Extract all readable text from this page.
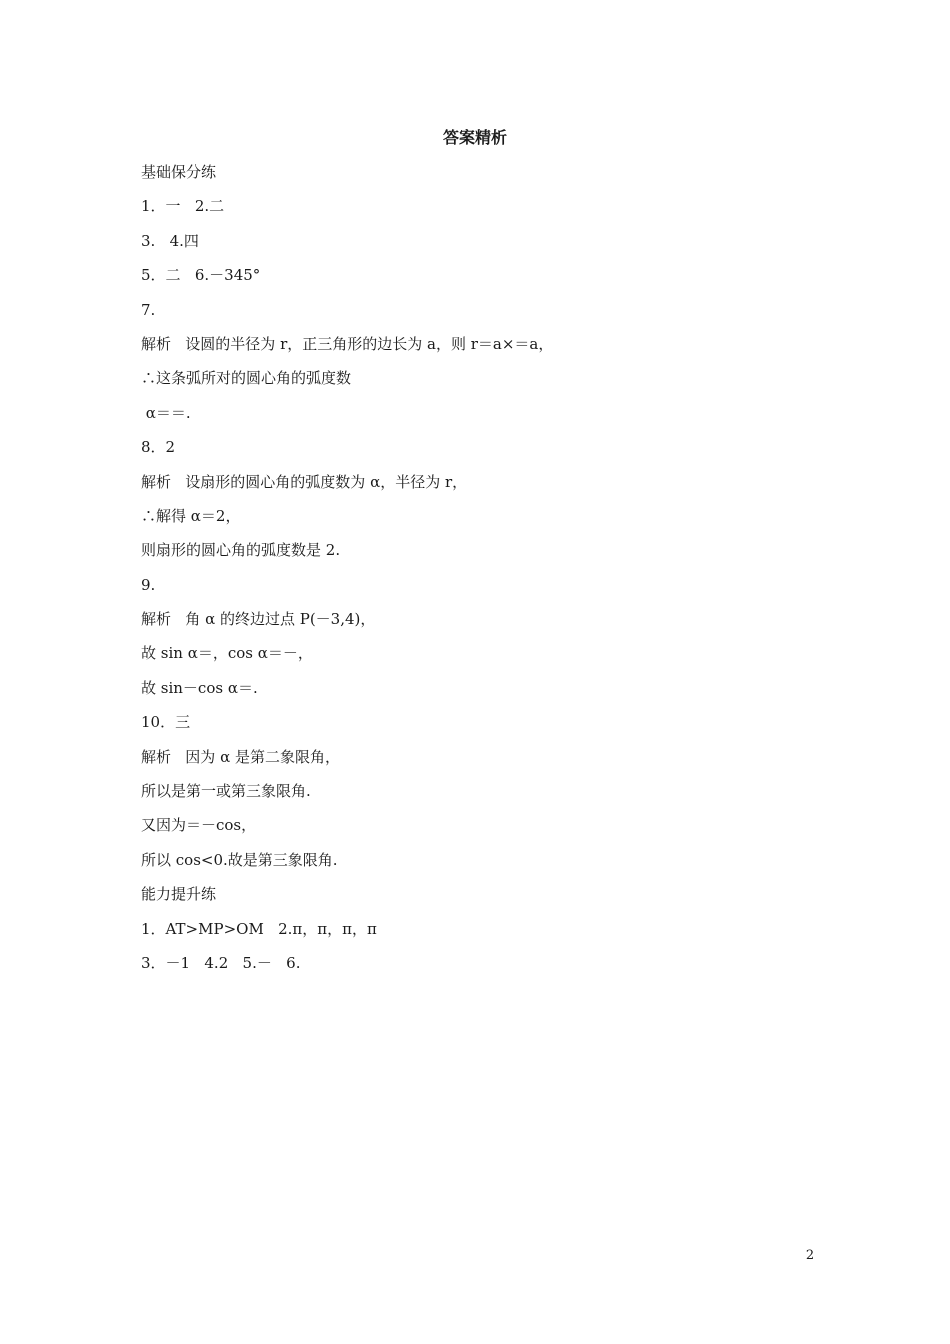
答案精析

基础保分练

1．一   2.二

3.   4.四

5．二   6.－345°

7.

解析   设圆的半径为 r，正三角形的边长为 a，则 r＝a×＝a，

∴这条弧所对的圆心角的弧度数

α＝＝.

8．2

解析   设扇形的圆心角的弧度数为 α，半径为 r，

∴解得 α＝2，

则扇形的圆心角的弧度数是 2.

9.

解析   角 α 的终边过点 P(－3,4)，

故 sin α＝，cos α＝－，

故 sin－cos α＝.

10．三

解析   因为 α 是第二象限角，

所以是第一或第三象限角.

又因为＝－cos，

所以 cos<0.故是第三象限角.

能力提升练

1．AT>MP>OM   2.π，π，π，π

3．－1   4.2   5.－   6.

2
